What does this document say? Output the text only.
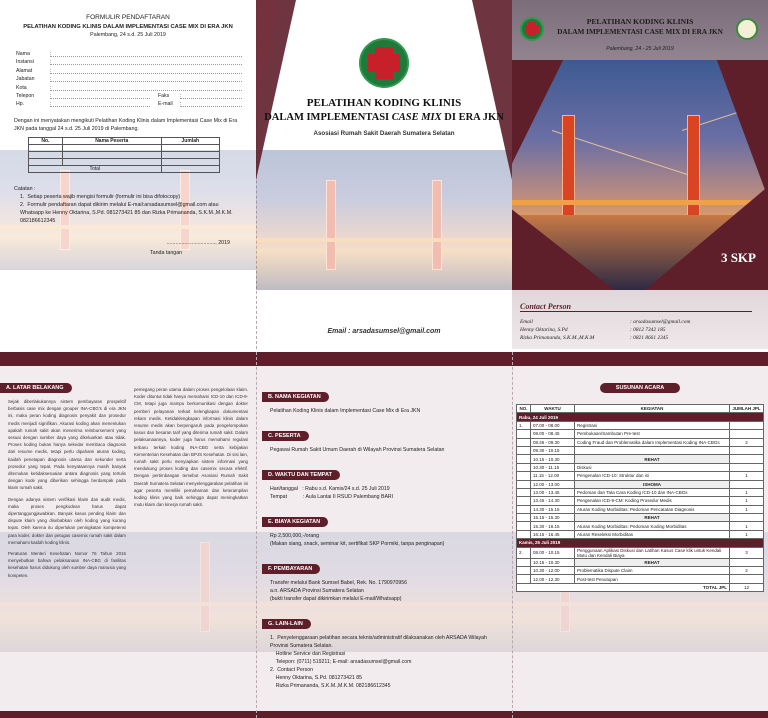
FORMULIR PENDAFTARAN
PELATIHAN KODING KLINIS DALAM IMPLEMENTASI CASE MIX DI ERA JKN
Palembang, 24 s.d. 25 Juli 2019
Nama	:
Instansi	:
Alamat	:
Jabatan	:
Kota	:
Telepon	:	Faks	:
Hp.	:	E-mail	:
Dengan ini menyatakan mengikuti Pelatihan Koding Klinis dalam Implementasi Case Mix di Era JKN pada tanggal 24 s.d. 25 Juli 2019 di Palembang.
No.	Nama Peserta	Jumlah

Total		
Catatan :
1.  Setiap peserta wajib mengisi formulir (formulir ini bisa difotocopy)
2.  Formulir pendaftaran dapat dikirim melalui E-mail:arsadasumsel@gmail.com atau Whatsapp ke Henny Oktarina, S.Pd. 081273421 85 dan Rizka Primananda, S.K.M.,M.K.M. 082186612345
................................., 2019
Tanda tangan
PELATIHAN KODING KLINIS
DALAM IMPLEMENTASI CASE MIX DI ERA JKN
Asosiasi Rumah Sakit Daerah Sumatera Selatan
Email : arsadasumsel@gmail.com
PELATIHAN KODING KLINIS
DALAM IMPLEMENTASI CASE MIX DI ERA JKN
Palembang, 24 - 25 Juli 2019
3 SKP
Contact Person
Email	: arsadasumsel@gmail.com
Henny Oktarina, S.Pd	: 0812 7342 185
Rizka Primananda, S.K.M.,M.K.M	: 0821 8661 2345
A. LATAR BELAKANG

Sejak diberlakukannya sistem pembayaran prospektif berbasis case mix dengan grouper INA-CBG's di era JKN ini, maka peran koding diagnosis penyakit dan prosedur medis menjadi signifikan. Akurasi koding akan menentukan apakah rumah sakit akan menerima reimbursement yang sesuai dengan sumber daya yang dikeluarkan atau tidak. Proses koding bukan hanya sekedar membaca diagnosis dari resume medis, tetapi perlu dipahami aturan koding, kaidah penetapan diagnosis utama dan sekunder serta prosedur yang tepat. Pada kenyataannya masih banyak ditemukan ketidaksesuaian antara diagnosis yang tertulis dengan kode yang diberikan sehingga berdampak pada klaim rumah sakit.

Dengan adanya sistem verifikasi klaim dan audit medis, maka proses pengkodean harus dapat dipertanggungjawabkan. Banyak kasus pending klaim dan dispute klaim yang disebabkan oleh koding yang kurang tepat. Oleh karena itu diperlukan peningkatan kompetensi para koder, dokter dan petugas casemix rumah sakit dalam memahami kaidah koding klinis.

Peraturan Menteri Kesehatan Nomor 76 Tahun 2016 menyebutkan bahwa pelaksanaan INA-CBG di fasilitas kesehatan harus didukung oleh sumber daya manusia yang kompeten.

pemegang peran utama dalam proses pengelolaan klaim. Koder dituntut tidak hanya memahami ICD-10 dan ICD-9-CM, tetapi juga mampu berkomunikasi dengan dokter pemberi pelayanan terkait kelengkapan dokumentasi rekam medis. Ketidaklengkapan informasi klinis dalam resume medis akan berpengaruh pada pengelompokan kasus dan besaran tarif yang diterima rumah sakit. Dalam pelaksanaannya, koder juga harus memahami regulasi terbaru terkait koding INA-CBG serta kebijakan Kementerian Kesehatan dan BPJS Kesehatan. Di sisi lain, rumah sakit perlu menyiapkan sistem informasi yang mendukung proses koding dan casemix secara efektif. Dengan pertimbangan tersebut Asosiasi Rumah Sakit Daerah Sumatera Selatan menyelenggarakan pelatihan ini agar peserta memiliki pemahaman dan keterampilan koding klinis yang baik sehingga dapat meningkatkan mutu klaim dan kinerja rumah sakit.

B. NAMA KEGIATAN
Pelatihan Koding Klinis dalam Implementasi Case Mix di Era JKN
C. PESERTA
Pegawai Rumah Sakit Umum Daerah di Wilayah Provinsi Sumatera Selatan
D. WAKTU DAN TEMPAT
Hari/tanggal   : Rabu s.d. Kamis/24 s.d. 25 Juli 2019
Tempat           : Aula Lantai II RSUD Palembang BARI
E. BIAYA KEGIATAN
Rp 2,500,000,-/orang
(Makan siang, snack, seminar kit, sertifikat SKP Pormiki, tanpa penginapan)
F. PEMBAYARAN
Transfer melalui Bank Sumsel Babel, Rek. No. 1790970956
a.n. ARSADA Provinsi Sumatera Selatan
(bukti transfer dapat dikirimkan melalui E-mail/Whatsapp)
G. LAIN-LAIN
1.  Penyelenggaraan pelatihan secara teknis/administratif dilaksanakan oleh ARSADA Wilayah Provinsi Sumatera Selatan.
Hotline Service dan Registrasi
Telepon: (0711) 519211; E-mail: arsadasumsel@gmail.com
2.  Contact Person
Henny Oktarina, S.Pd. 081273421 85
Rizka Primananda, S.K.M.,M.K.M. 082186612345
SUSUNAN ACARA
NO.	WAKTU	KEGIATAN	JUMLAH JPL
Rabu, 24 Juli 2019			
1.	07.00 - 08.00	Registrasi	
	08.00 - 08.45	Pembukaan/Sambutan Pre-test	
	08.45 - 09.30	Coding Fraud dan Problematika dalam Implementasi Koding INA-CBGs	2
	09.30 - 10.15		
	10.15 - 10.30	REHAT	
	10.30 - 11.15	Diskusi	
	11.15 - 12.00	Pengenalan ICD-10: Struktur dan isi	1
	12.00 - 13.00	ISHOMA	
	13.00 - 13.45	Pedoman dan Tata Cara Koding ICD-10 dan INA-CBGs	1
	13.45 - 14.30	Pengenalan ICD-9-CM: Koding Prosedur Medis	1
	14.30 - 15.15	Aturan Koding Morbiditas: Pedoman Pencatatan Diagnosis	1
	15.15 - 15.30	REHAT	
	15.30 - 16.15	Aturan Koding Morbiditas: Pedoman Koding Morbiditas	1
	16.15 - 16.45	Aturan Reseleksi Morbiditas	1
Kamis, 25 Juli 2019			
2.	08.00 - 10.15	Penggunaan Aplikasi Diskusi dan Latihan Kasus Case klik untuk Kendali Mutu dan Kendali Biaya	3
	10.15 - 10.30	REHAT	
	10.30 - 12.00	Problematika Dispute Claim	2
	12.00 - 12.30	Post-test Penutupan	
TOTAL JPL			12
